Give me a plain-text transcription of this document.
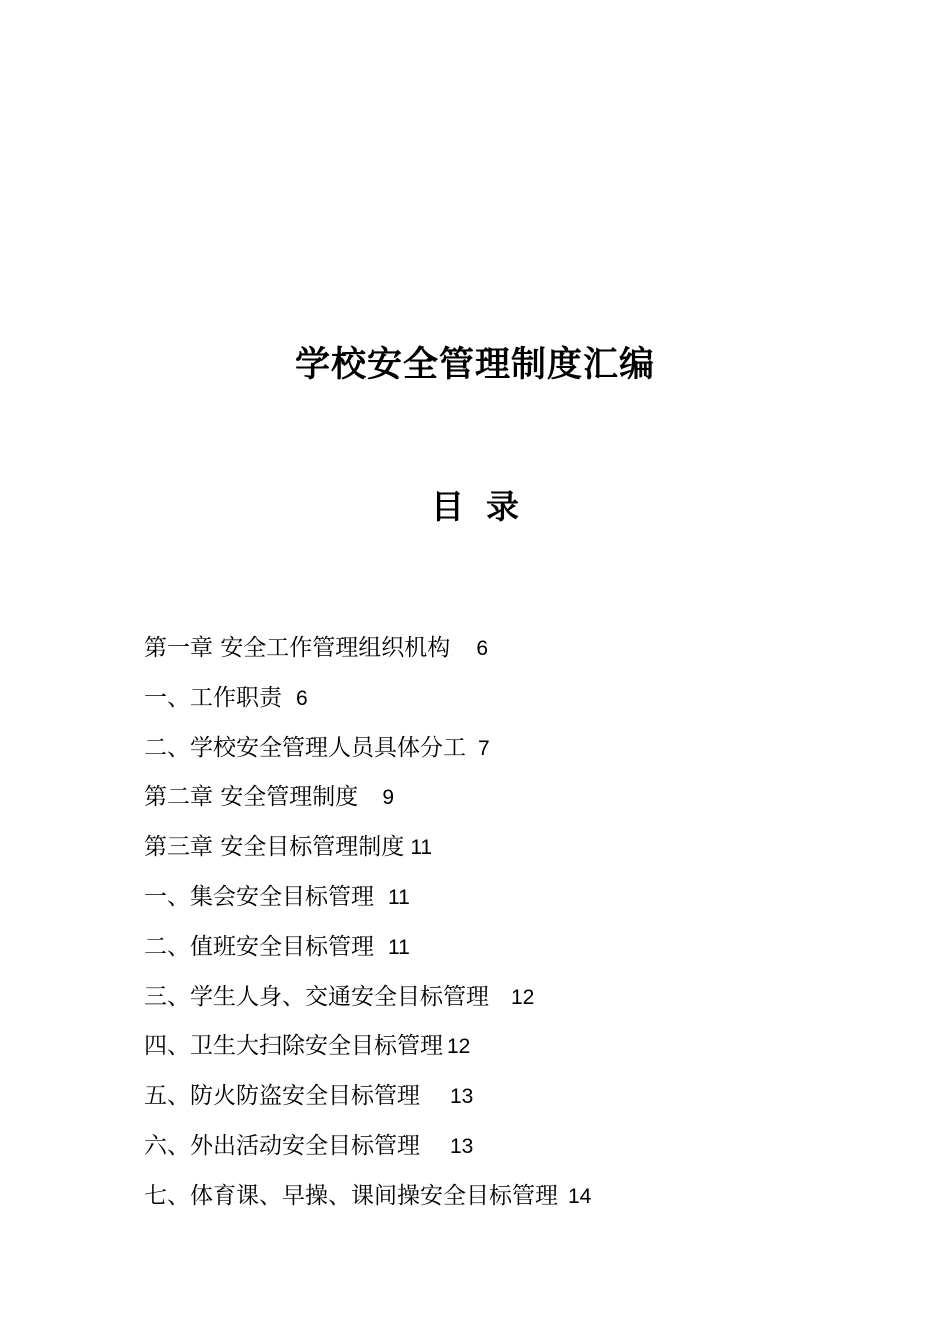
学校安全管理制度汇编
目 录
第一章 安全工作管理组织机构 6
一、工作职责 6
二、学校安全管理人员具体分工 7
第二章 安全管理制度 9
第三章 安全目标管理制度 11
一、集会安全目标管理 11
二、值班安全目标管理 11
三、学生人身、交通安全目标管理 12
四、卫生大扫除安全目标管理 12
五、防火防盗安全目标管理 13
六、外出活动安全目标管理 13
七、体育课、早操、课间操安全目标管理 14
